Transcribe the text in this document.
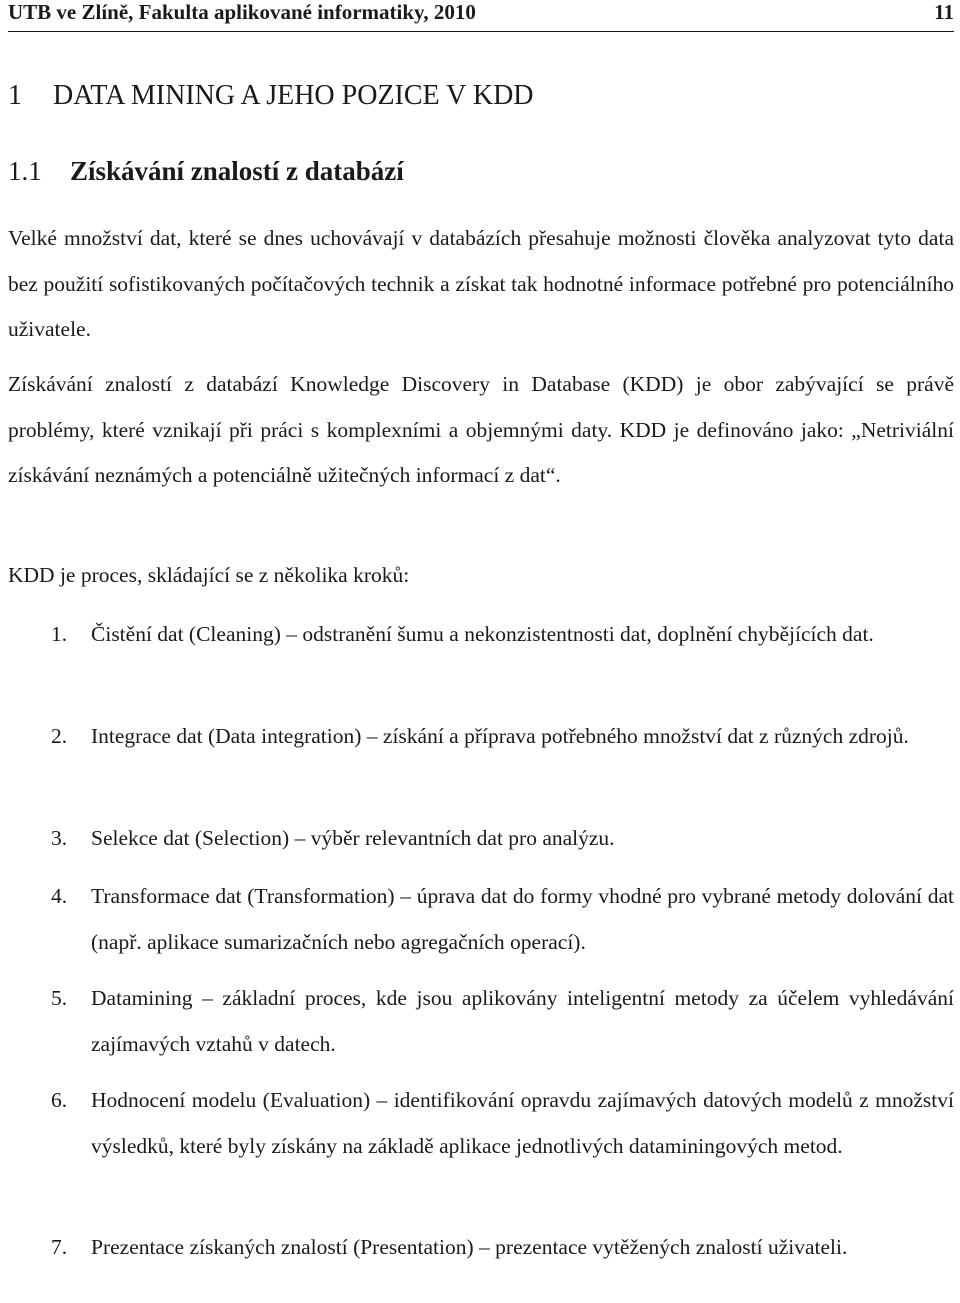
UTB ve Zlíně, Fakulta aplikované informatiky, 2010	11
1 DATA MINING A JEHO POZICE V KDD
1.1 Získávání znalostí z databází

Velké množství dat, které se dnes uchovávají v databázích přesahuje možnosti člověka analyzovat tyto data bez použití sofistikovaných počítačových technik a získat tak hodnotné informace potřebné pro potenciálního uživatele.

Získávání znalostí z databází Knowledge Discovery in Database (KDD) je obor zabývající se právě problémy, které vznikají při práci s komplexními a objemnými daty. KDD je definováno jako: „Netriviální získávání neznámých a potenciálně užitečných informací z dat“.

KDD je proces, skládající se z několika kroků:

1. Čistění dat (Cleaning) – odstranění šumu a nekonzistentnosti dat, doplnění chybějících dat.
2. Integrace dat (Data integration) – získání a příprava potřebného množství dat z různých zdrojů.
3. Selekce dat (Selection) – výběr relevantních dat pro analýzu.
4. Transformace dat (Transformation) – úprava dat do formy vhodné pro vybrané metody dolování dat (např. aplikace sumarizačních nebo agregačních operací).
5. Datamining – základní proces, kde jsou aplikovány inteligentní metody za účelem vyhledávání zajímavých vztahů v datech.
6. Hodnocení modelu (Evaluation) – identifikování opravdu zajímavých datových modelů z množství výsledků, které byly získány na základě aplikace jednotlivých dataminingových metod.
7. Prezentace získaných znalostí (Presentation) – prezentace vytěžených znalostí uživateli.
